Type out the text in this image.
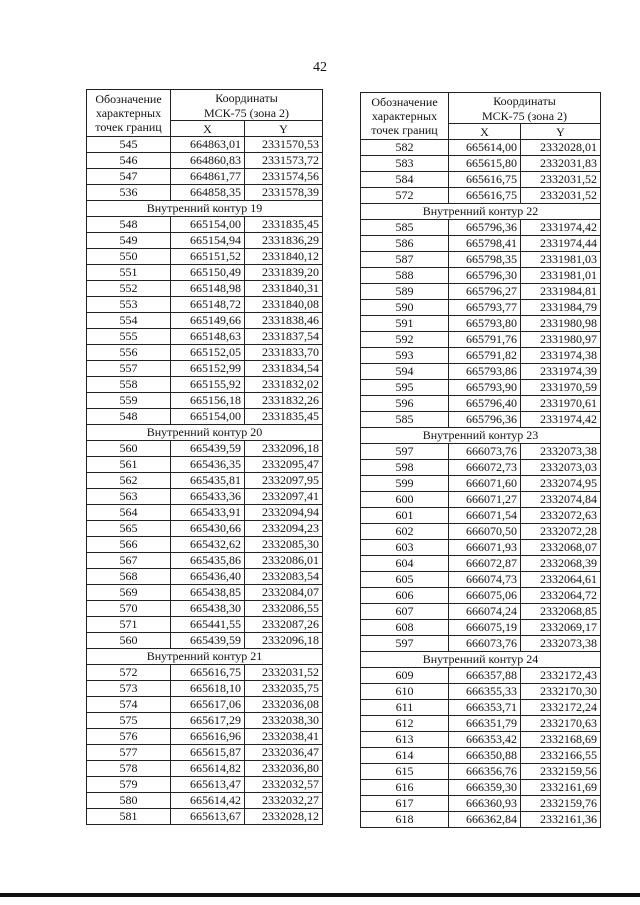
42
Обозначение
характерных
точек границ	Координаты	
	МСК-75 (зона 2)	
	X	Y
545	664863,01	2331570,53
546	664860,83	2331573,72
547	664861,77	2331574,56
536	664858,35	2331578,39
Внутренний контур 19		
548	665154,00	2331835,45
549	665154,94	2331836,29
550	665151,52	2331840,12
551	665150,49	2331839,20
552	665148,98	2331840,31
553	665148,72	2331840,08
554	665149,66	2331838,46
555	665148,63	2331837,54
556	665152,05	2331833,70
557	665152,99	2331834,54
558	665155,92	2331832,02
559	665156,18	2331832,26
548	665154,00	2331835,45
Внутренний контур 20		
560	665439,59	2332096,18
561	665436,35	2332095,47
562	665435,81	2332097,95
563	665433,36	2332097,41
564	665433,91	2332094,94
565	665430,66	2332094,23
566	665432,62	2332085,30
567	665435,86	2332086,01
568	665436,40	2332083,54
569	665438,85	2332084,07
570	665438,30	2332086,55
571	665441,55	2332087,26
560	665439,59	2332096,18
Внутренний контур 21		
572	665616,75	2332031,52
573	665618,10	2332035,75
574	665617,06	2332036,08
575	665617,29	2332038,30
576	665616,96	2332038,41
577	665615,87	2332036,47
578	665614,82	2332036,80
579	665613,47	2332032,57
580	665614,42	2332032,27
581	665613,67	2332028,12
Обозначение
характерных
точек границ	Координаты	
	МСК-75 (зона 2)	
	X	Y
582	665614,00	2332028,01
583	665615,80	2332031,83
584	665616,75	2332031,52
572	665616,75	2332031,52
Внутренний контур 22		
585	665796,36	2331974,42
586	665798,41	2331974,44
587	665798,35	2331981,03
588	665796,30	2331981,01
589	665796,27	2331984,81
590	665793,77	2331984,79
591	665793,80	2331980,98
592	665791,76	2331980,97
593	665791,82	2331974,38
594	665793,86	2331974,39
595	665793,90	2331970,59
596	665796,40	2331970,61
585	665796,36	2331974,42
Внутренний контур 23		
597	666073,76	2332073,38
598	666072,73	2332073,03
599	666071,60	2332074,95
600	666071,27	2332074,84
601	666071,54	2332072,63
602	666070,50	2332072,28
603	666071,93	2332068,07
604	666072,87	2332068,39
605	666074,73	2332064,61
606	666075,06	2332064,72
607	666074,24	2332068,85
608	666075,19	2332069,17
597	666073,76	2332073,38
Внутренний контур 24		
609	666357,88	2332172,43
610	666355,33	2332170,30
611	666353,71	2332172,24
612	666351,79	2332170,63
613	666353,42	2332168,69
614	666350,88	2332166,55
615	666356,76	2332159,56
616	666359,30	2332161,69
617	666360,93	2332159,76
618	666362,84	2332161,36
